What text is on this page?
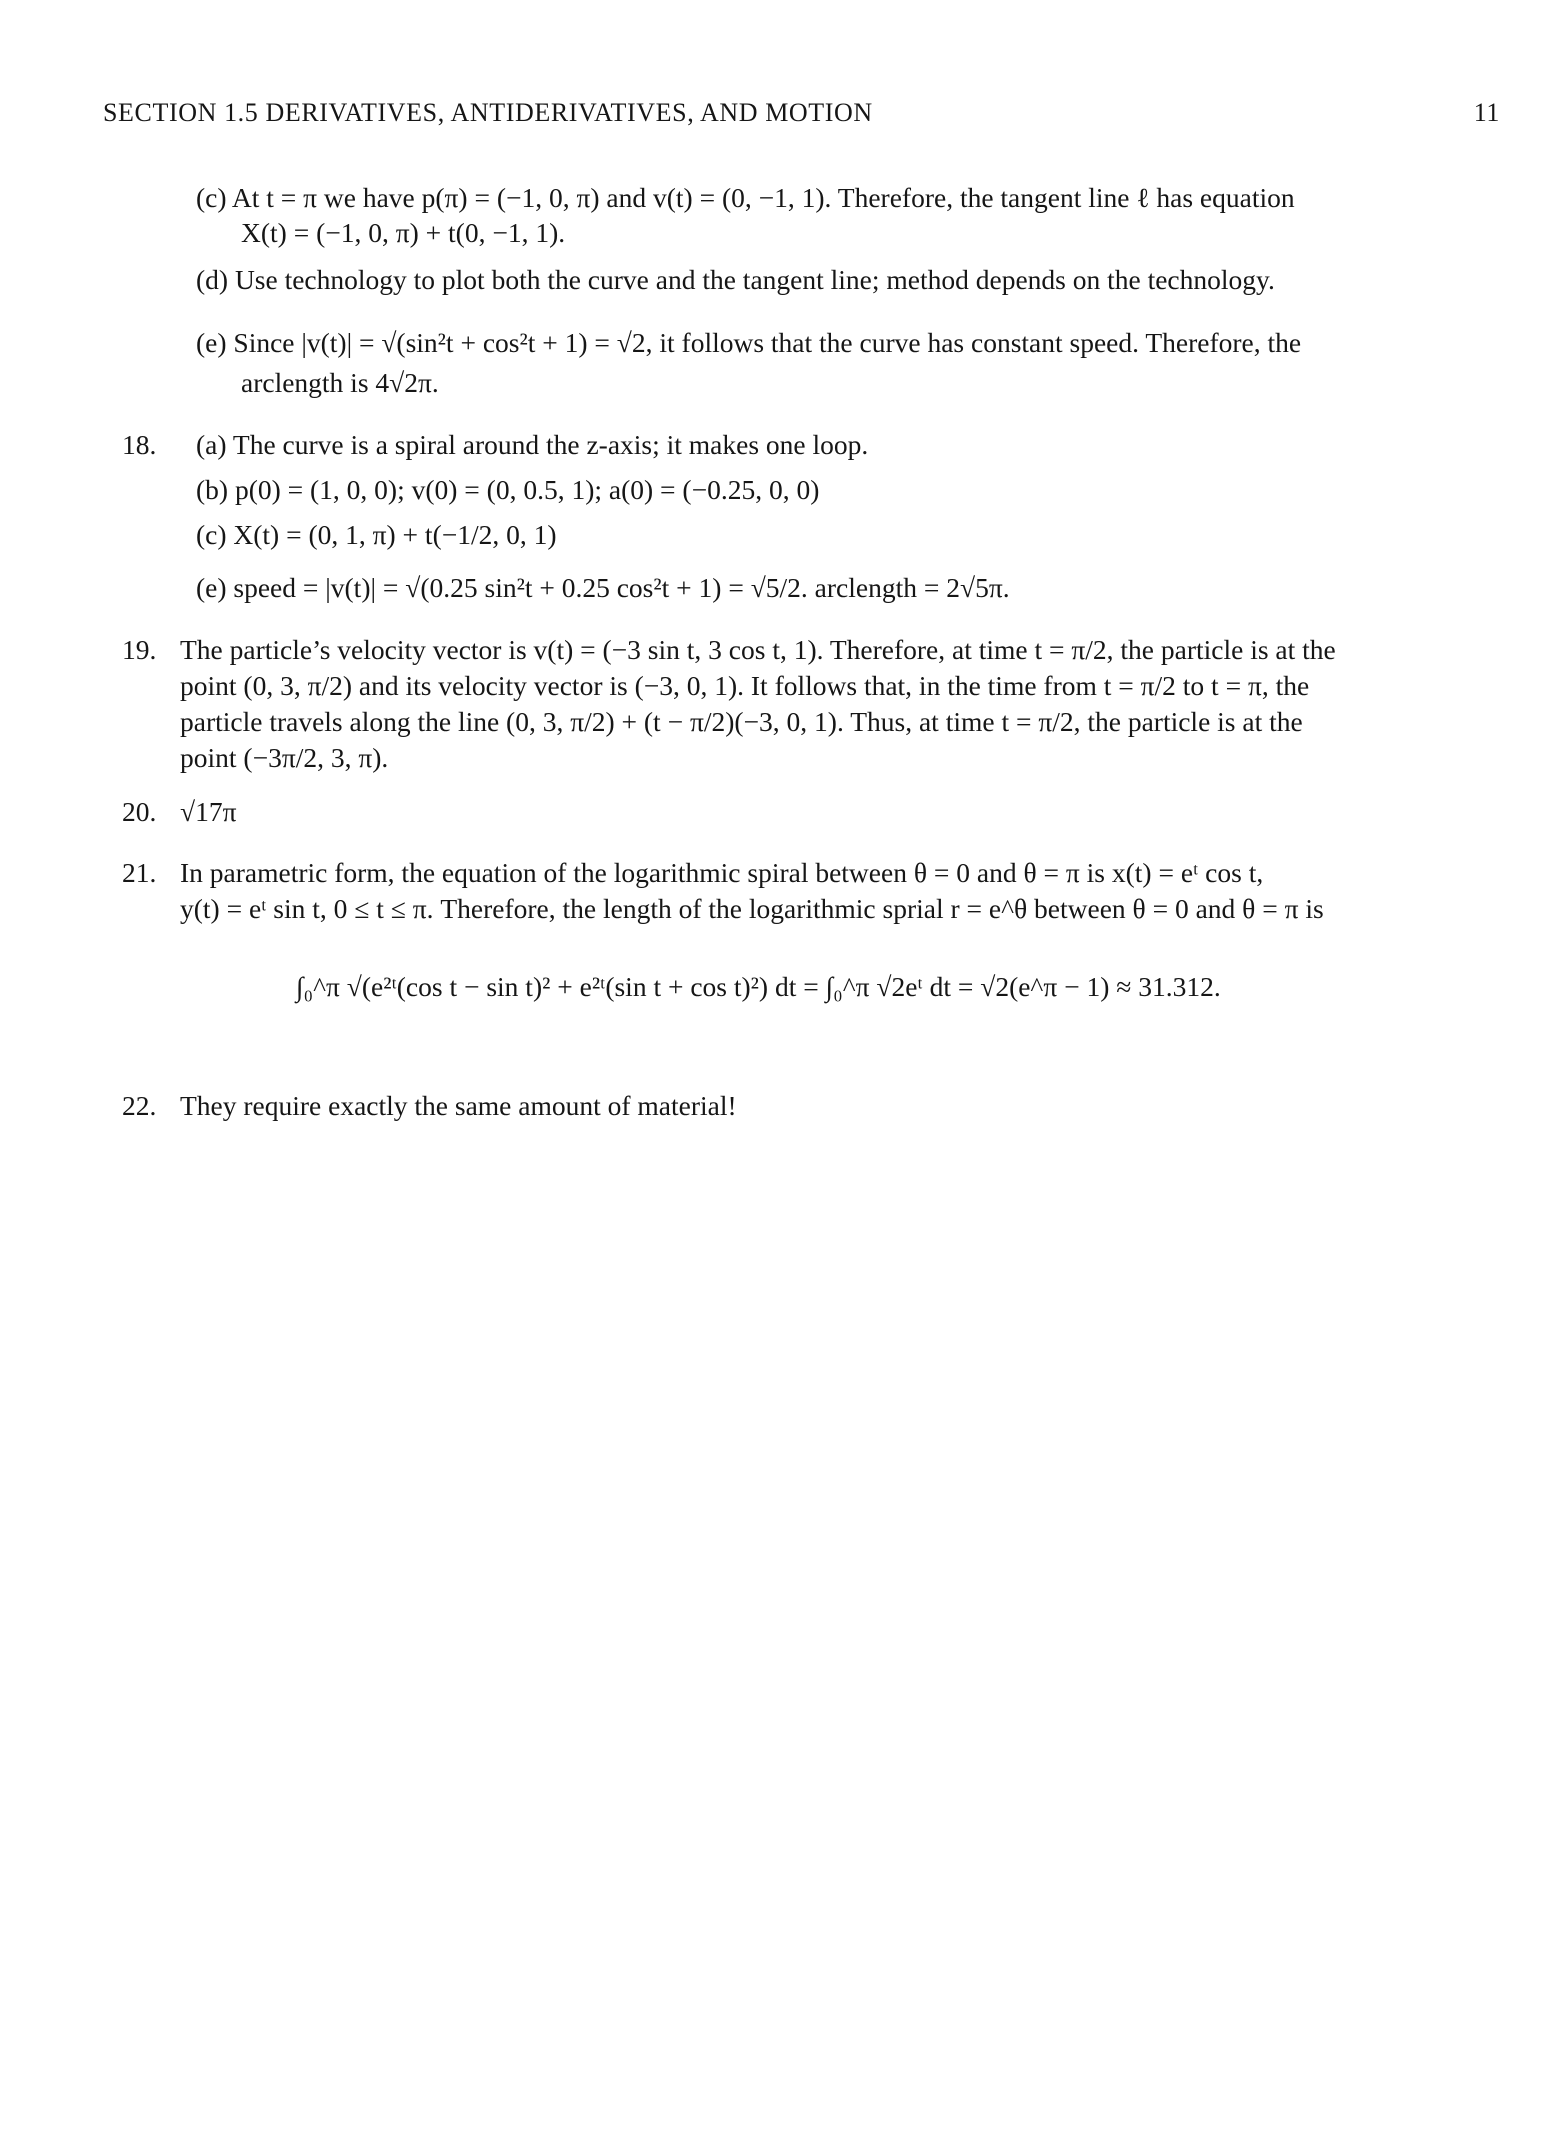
SECTION 1.5 DERIVATIVES, ANTIDERIVATIVES, AND MOTION	11
(c) At t = π we have p(π) = (−1, 0, π) and v(t) = (0, −1, 1). Therefore, the tangent line ℓ has equation
X(t) = (−1, 0, π) + t(0, −1, 1).
(d) Use technology to plot both the curve and the tangent line; method depends on the technology.
(e) Since |v(t)| = √(sin²t + cos²t + 1) = √2, it follows that the curve has constant speed. Therefore, the
arclength is 4√2π.
18. (a) The curve is a spiral around the z-axis; it makes one loop.
(b) p(0) = (1, 0, 0); v(0) = (0, 0.5, 1); a(0) = (−0.25, 0, 0)
(c) X(t) = (0, 1, π) + t(−1/2, 0, 1)
(e) speed = |v(t)| = √(0.25 sin²t + 0.25 cos²t + 1) = √5/2. arclength = 2√5π.
19. The particle’s velocity vector is v(t) = (−3 sin t, 3 cos t, 1). Therefore, at time t = π/2, the particle is at the
point (0, 3, π/2) and its velocity vector is (−3, 0, 1). It follows that, in the time from t = π/2 to t = π, the
particle travels along the line (0, 3, π/2) + (t − π/2)(−3, 0, 1). Thus, at time t = π/2, the particle is at the
point (−3π/2, 3, π).
20. √17π
21. In parametric form, the equation of the logarithmic spiral between θ = 0 and θ = π is x(t) = eᵗ cos t,
y(t) = eᵗ sin t, 0 ≤ t ≤ π. Therefore, the length of the logarithmic sprial r = e^θ between θ = 0 and θ = π is
∫₀^π √(e²ᵗ(cos t − sin t)² + e²ᵗ(sin t + cos t)²) dt = ∫₀^π √2eᵗ dt = √2(e^π − 1) ≈ 31.312.
22. They require exactly the same amount of material!
